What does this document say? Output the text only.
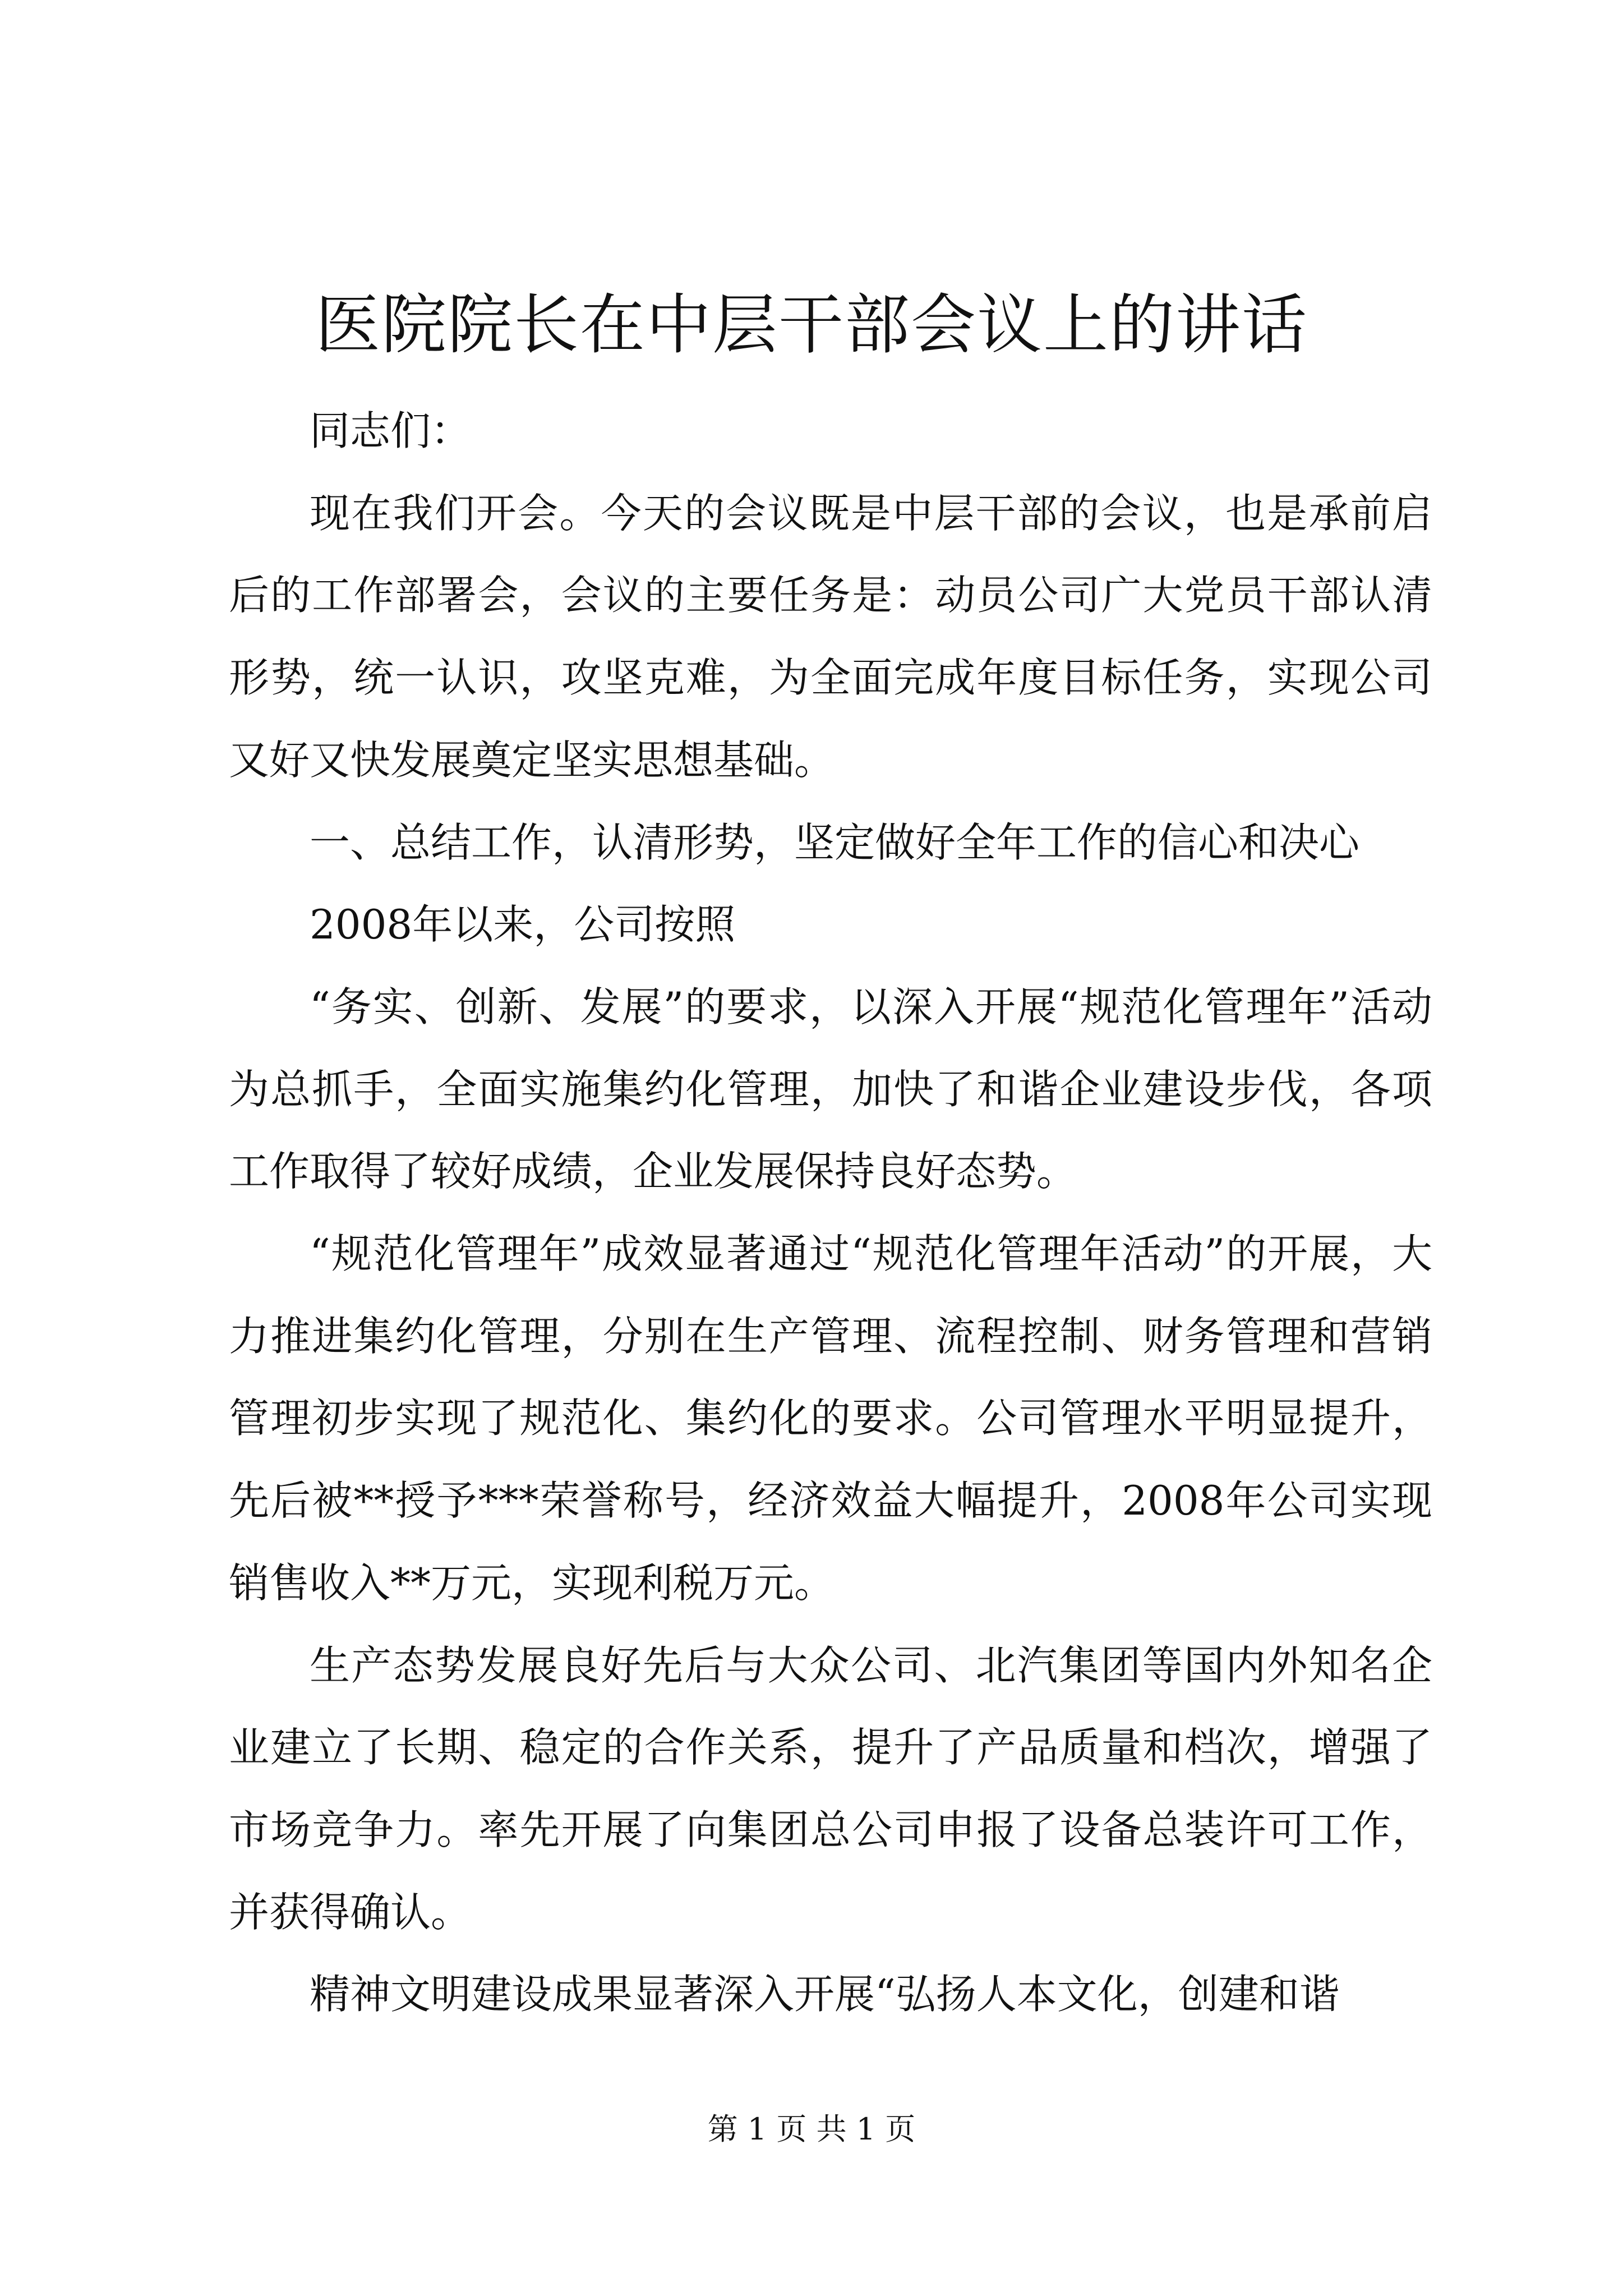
医院院长在中层干部会议上的讲话

同志们：

现在我们开会。今天的会议既是中层干部的会议，也是承前启后的工作部署会，会议的主要任务是：动员公司广大党员干部认清形势，统一认识，攻坚克难，为全面完成年度目标任务，实现公司又好又快发展奠定坚实思想基础。

一、总结工作，认清形势，坚定做好全年工作的信心和决心

2008年以来，公司按照

“务实、创新、发展”的要求，以深入开展“规范化管理年”活动为总抓手，全面实施集约化管理，加快了和谐企业建设步伐，各项工作取得了较好成绩，企业发展保持良好态势。

“规范化管理年”成效显著通过“规范化管理年活动”的开展，大力推进集约化管理，分别在生产管理、流程控制、财务管理和营销管理初步实现了规范化、集约化的要求。公司管理水平明显提升，先后被**授予***荣誉称号，经济效益大幅提升，2008年公司实现销售收入**万元，实现利税万元。

生产态势发展良好先后与大众公司、北汽集团等国内外知名企业建立了长期、稳定的合作关系，提升了产品质量和档次，增强了市场竞争力。率先开展了向集团总公司申报了设备总装许可工作，并获得确认。

精神文明建设成果显著深入开展“弘扬人本文化，创建和谐

第 1 页 共 1 页
